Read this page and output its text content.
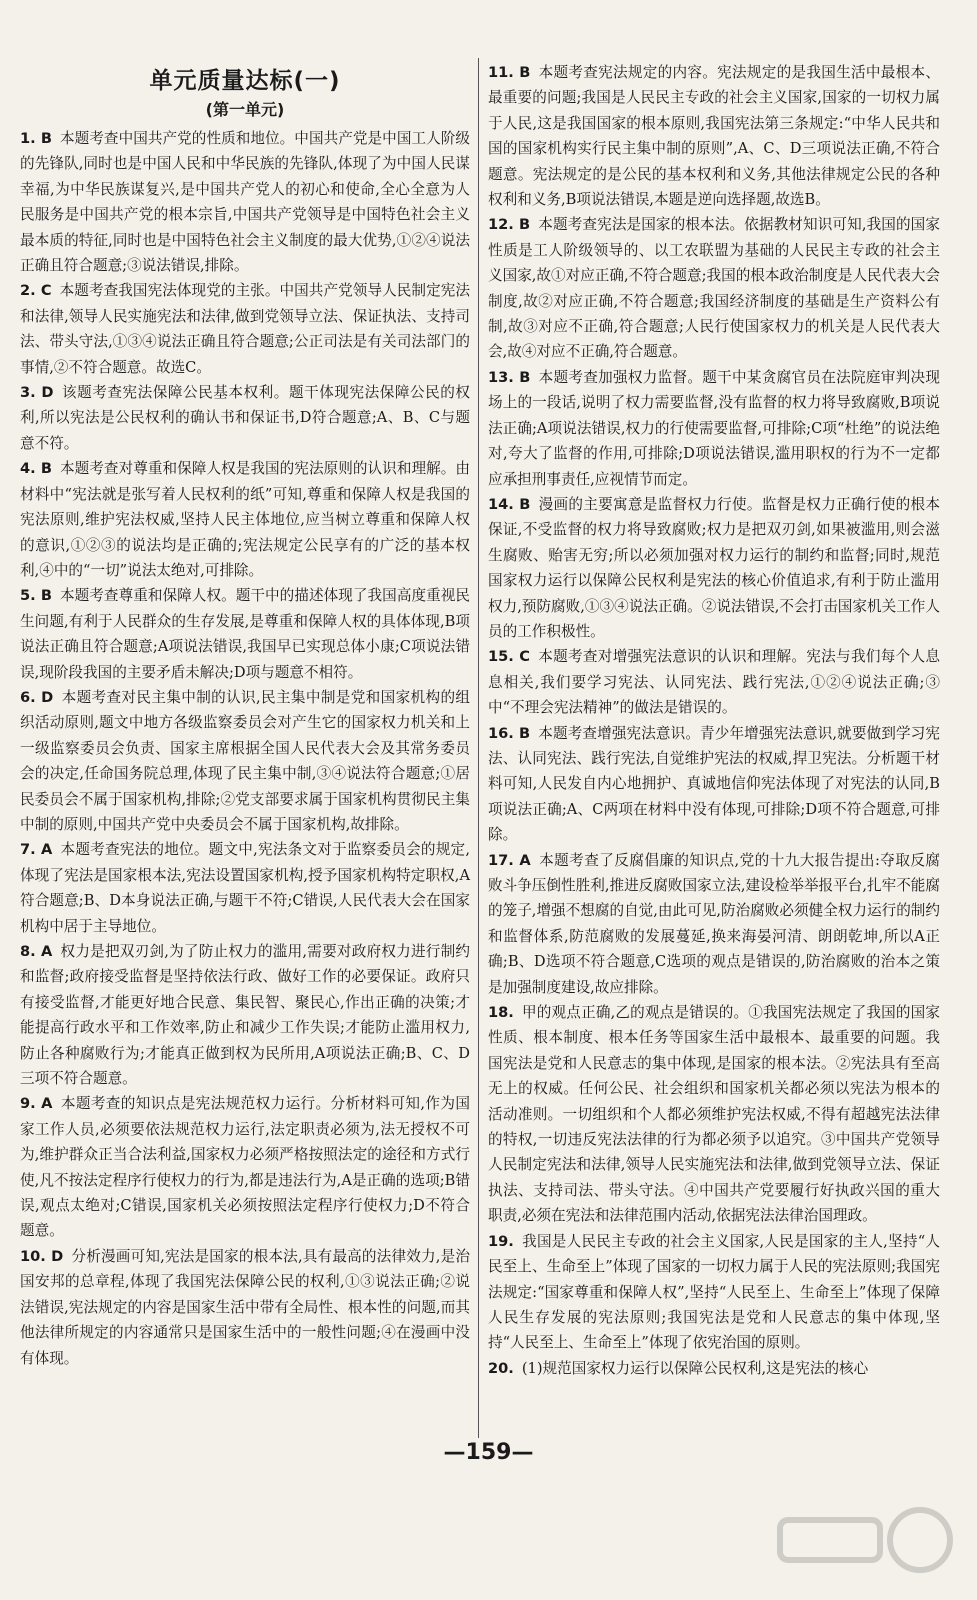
单元质量达标(一)
(第一单元)

1. B 本题考查中国共产党的性质和地位。中国共产党是中国工人阶级的先锋队,同时也是中国人民和中华民族的先锋队,体现了为中国人民谋幸福,为中华民族谋复兴,是中国共产党人的初心和使命,全心全意为人民服务是中国共产党的根本宗旨,中国共产党领导是中国特色社会主义最本质的特征,同时也是中国特色社会主义制度的最大优势,①②④说法正确且符合题意;③说法错误,排除。

2. C 本题考查我国宪法体现党的主张。中国共产党领导人民制定宪法和法律,领导人民实施宪法和法律,做到党领导立法、保证执法、支持司法、带头守法,①③④说法正确且符合题意;公正司法是有关司法部门的事情,②不符合题意。故选C。

3. D 该题考查宪法保障公民基本权利。题干体现宪法保障公民的权利,所以宪法是公民权利的确认书和保证书,D符合题意;A、B、C与题意不符。

4. B 本题考查对尊重和保障人权是我国的宪法原则的认识和理解。由材料中“宪法就是张写着人民权利的纸”可知,尊重和保障人权是我国的宪法原则,维护宪法权威,坚持人民主体地位,应当树立尊重和保障人权的意识,①②③的说法均是正确的;宪法规定公民享有的广泛的基本权利,④中的“一切”说法太绝对,可排除。

5. B 本题考查尊重和保障人权。题干中的描述体现了我国高度重视民生问题,有利于人民群众的生存发展,是尊重和保障人权的具体体现,B项说法正确且符合题意;A项说法错误,我国早已实现总体小康;C项说法错误,现阶段我国的主要矛盾未解决;D项与题意不相符。

6. D 本题考查对民主集中制的认识,民主集中制是党和国家机构的组织活动原则,题文中地方各级监察委员会对产生它的国家权力机关和上一级监察委员会负责、国家主席根据全国人民代表大会及其常务委员会的决定,任命国务院总理,体现了民主集中制,③④说法符合题意;①居民委员会不属于国家机构,排除;②党支部要求属于国家机构贯彻民主集中制的原则,中国共产党中央委员会不属于国家机构,故排除。

7. A 本题考查宪法的地位。题文中,宪法条文对于监察委员会的规定,体现了宪法是国家根本法,宪法设置国家机构,授予国家机构特定职权,A符合题意;B、D本身说法正确,与题干不符;C错误,人民代表大会在国家机构中居于主导地位。

8. A 权力是把双刃剑,为了防止权力的滥用,需要对政府权力进行制约和监督;政府接受监督是坚持依法行政、做好工作的必要保证。政府只有接受监督,才能更好地合民意、集民智、聚民心,作出正确的决策;才能提高行政水平和工作效率,防止和减少工作失误;才能防止滥用权力,防止各种腐败行为;才能真正做到权为民所用,A项说法正确;B、C、D三项不符合题意。

9. A 本题考查的知识点是宪法规范权力运行。分析材料可知,作为国家工作人员,必须要依法规范权力运行,法定职责必须为,法无授权不可为,维护群众正当合法利益,国家权力必须严格按照法定的途径和方式行使,凡不按法定程序行使权力的行为,都是违法行为,A是正确的选项;B错误,观点太绝对;C错误,国家机关必须按照法定程序行使权力;D不符合题意。

10. D 分析漫画可知,宪法是国家的根本法,具有最高的法律效力,是治国安邦的总章程,体现了我国宪法保障公民的权利,①③说法正确;②说法错误,宪法规定的内容是国家生活中带有全局性、根本性的问题,而其他法律所规定的内容通常只是国家生活中的一般性问题;④在漫画中没有体现。

11. B 本题考查宪法规定的内容。宪法规定的是我国生活中最根本、最重要的问题;我国是人民民主专政的社会主义国家,国家的一切权力属于人民,这是我国国家的根本原则,我国宪法第三条规定:“中华人民共和国的国家机构实行民主集中制的原则”,A、C、D三项说法正确,不符合题意。宪法规定的是公民的基本权利和义务,其他法律规定公民的各种权利和义务,B项说法错误,本题是逆向选择题,故选B。

12. B 本题考查宪法是国家的根本法。依据教材知识可知,我国的国家性质是工人阶级领导的、以工农联盟为基础的人民民主专政的社会主义国家,故①对应正确,不符合题意;我国的根本政治制度是人民代表大会制度,故②对应正确,不符合题意;我国经济制度的基础是生产资料公有制,故③对应不正确,符合题意;人民行使国家权力的机关是人民代表大会,故④对应不正确,符合题意。

13. B 本题考查加强权力监督。题干中某贪腐官员在法院庭审判决现场上的一段话,说明了权力需要监督,没有监督的权力将导致腐败,B项说法正确;A项说法错误,权力的行使需要监督,可排除;C项“杜绝”的说法绝对,夸大了监督的作用,可排除;D项说法错误,滥用职权的行为不一定都应承担刑事责任,应视情节而定。

14. B 漫画的主要寓意是监督权力行使。监督是权力正确行使的根本保证,不受监督的权力将导致腐败;权力是把双刃剑,如果被滥用,则会滋生腐败、贻害无穷;所以必须加强对权力运行的制约和监督;同时,规范国家权力运行以保障公民权利是宪法的核心价值追求,有利于防止滥用权力,预防腐败,①③④说法正确。②说法错误,不会打击国家机关工作人员的工作积极性。

15. C 本题考查对增强宪法意识的认识和理解。宪法与我们每个人息息相关,我们要学习宪法、认同宪法、践行宪法,①②④说法正确;③中“不理会宪法精神”的做法是错误的。

16. B 本题考查增强宪法意识。青少年增强宪法意识,就要做到学习宪法、认同宪法、践行宪法,自觉维护宪法的权威,捍卫宪法。分析题干材料可知,人民发自内心地拥护、真诚地信仰宪法体现了对宪法的认同,B项说法正确;A、C两项在材料中没有体现,可排除;D项不符合题意,可排除。

17. A 本题考查了反腐倡廉的知识点,党的十九大报告提出:夺取反腐败斗争压倒性胜利,推进反腐败国家立法,建设检举举报平台,扎牢不能腐的笼子,增强不想腐的自觉,由此可见,防治腐败必须健全权力运行的制约和监督体系,防范腐败的发展蔓延,换来海晏河清、朗朗乾坤,所以A正确;B、D选项不符合题意,C选项的观点是错误的,防治腐败的治本之策是加强制度建设,故应排除。

18. 甲的观点正确,乙的观点是错误的。①我国宪法规定了我国的国家性质、根本制度、根本任务等国家生活中最根本、最重要的问题。我国宪法是党和人民意志的集中体现,是国家的根本法。②宪法具有至高无上的权威。任何公民、社会组织和国家机关都必须以宪法为根本的活动准则。一切组织和个人都必须维护宪法权威,不得有超越宪法法律的特权,一切违反宪法法律的行为都必须予以追究。③中国共产党领导人民制定宪法和法律,领导人民实施宪法和法律,做到党领导立法、保证执法、支持司法、带头守法。④中国共产党要履行好执政兴国的重大职责,必须在宪法和法律范围内活动,依据宪法法律治国理政。

19. 我国是人民民主专政的社会主义国家,人民是国家的主人,坚持“人民至上、生命至上”体现了国家的一切权力属于人民的宪法原则;我国宪法规定:“国家尊重和保障人权”,坚持“人民至上、生命至上”体现了保障人民生存发展的宪法原则;我国宪法是党和人民意志的集中体现,坚持“人民至上、生命至上”体现了依宪治国的原则。

20. (1)规范国家权力运行以保障公民权利,这是宪法的核心

—159—
